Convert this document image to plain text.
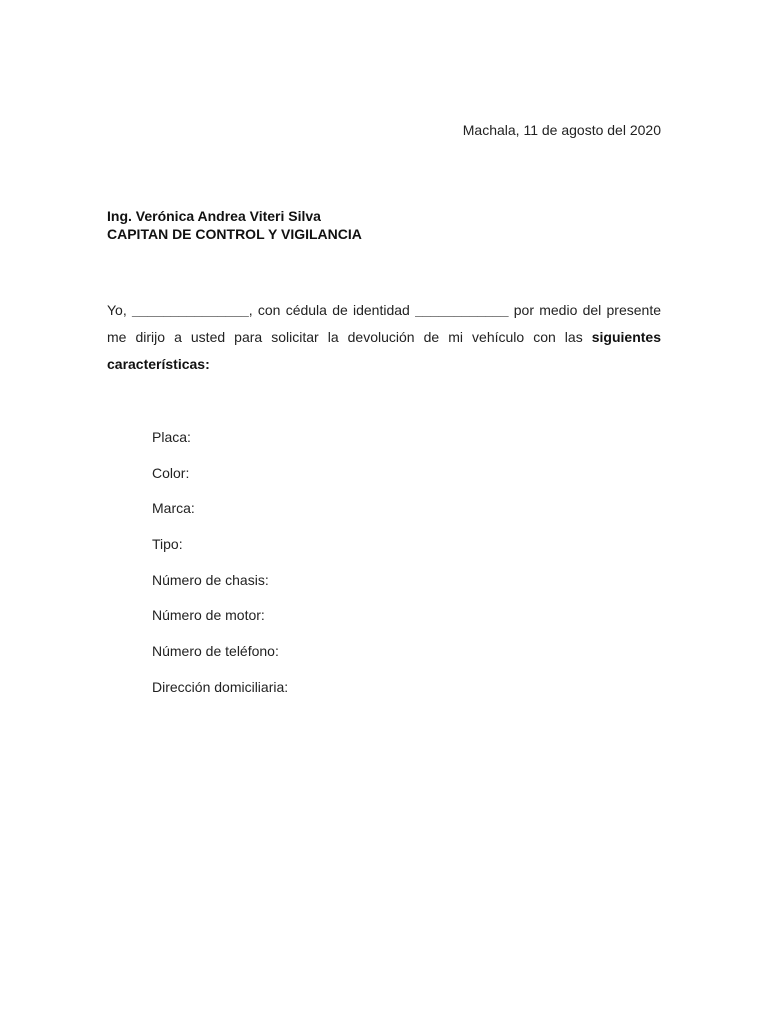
Machala, 11 de agosto del 2020
Ing. Verónica Andrea Viteri Silva
CAPITAN DE CONTROL Y VIGILANCIA

Yo, _______________, con cédula de identidad ____________ por medio del presente me dirijo a usted para solicitar la devolución de mi vehículo con las siguientes características:

Placa:
Color:
Marca:
Tipo:
Número de chasis:
Número de motor:
Número de teléfono:
Dirección domiciliaria:
